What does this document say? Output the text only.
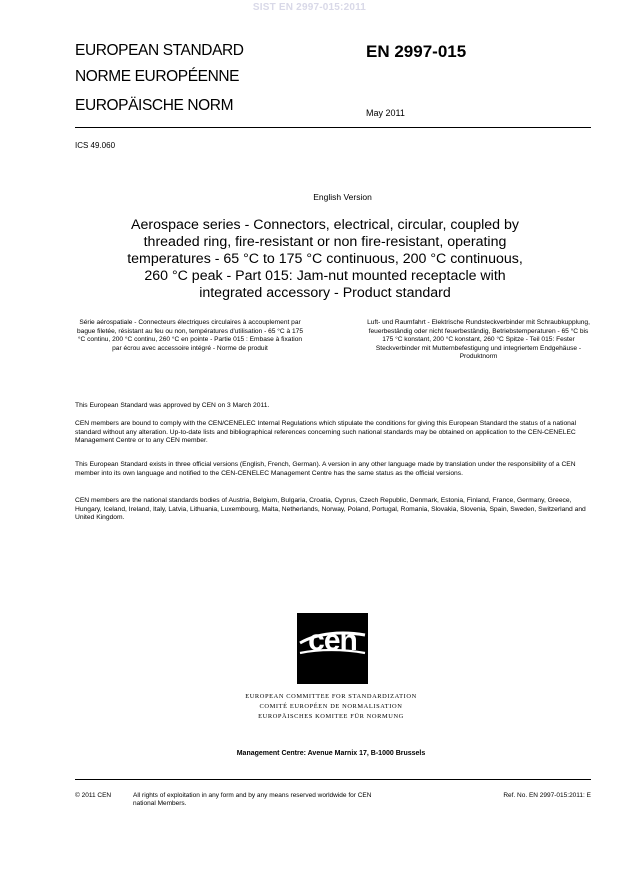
SIST EN 2997-015:2011
EUROPEAN STANDARD
NORME EUROPÉENNE
EUROPÄISCHE NORM
EN 2997-015
May 2011
ICS 49.060
English Version
Aerospace series - Connectors, electrical, circular, coupled by threaded ring, fire-resistant or non fire-resistant, operating temperatures - 65 °C to 175 °C continuous, 200 °C continuous, 260 °C peak - Part 015: Jam-nut mounted receptacle with integrated accessory - Product standard
Série aérospatiale - Connecteurs électriques circulaires à accouplement par bague filetée, résistant au feu ou non, températures d'utilisation - 65 °C à 175 °C continu, 200 °C continu, 260 °C en pointe - Partie 015 : Embase à fixation par écrou avec accessoire intégré - Norme de produit
Luft- und Raumfahrt - Elektrische Rundsteckverbinder mit Schraubkupplung, feuerbeständig oder nicht feuerbeständig, Betriebstemperaturen - 65 °C bis 175 °C konstant, 200 °C konstant, 260 °C Spitze - Teil 015: Fester Steckverbinder mit Mutternbefestigung und integriertem Endgehäuse - Produktnorm
This European Standard was approved by CEN on 3 March 2011.
CEN members are bound to comply with the CEN/CENELEC Internal Regulations which stipulate the conditions for giving this European Standard the status of a national standard without any alteration. Up-to-date lists and bibliographical references concerning such national standards may be obtained on application to the CEN-CENELEC Management Centre or to any CEN member.
This European Standard exists in three official versions (English, French, German). A version in any other language made by translation under the responsibility of a CEN member into its own language and notified to the CEN-CENELEC Management Centre has the same status as the official versions.
CEN members are the national standards bodies of Austria, Belgium, Bulgaria, Croatia, Cyprus, Czech Republic, Denmark, Estonia, Finland, France, Germany, Greece, Hungary, Iceland, Ireland, Italy, Latvia, Lithuania, Luxembourg, Malta, Netherlands, Norway, Poland, Portugal, Romania, Slovakia, Slovenia, Spain, Sweden, Switzerland and United Kingdom.
cen
EUROPEAN COMMITTEE FOR STANDARDIZATION
COMITÉ EUROPÉEN DE NORMALISATION
EUROPÄISCHES KOMITEE FÜR NORMUNG
Management Centre: Avenue Marnix 17, B-1000 Brussels
© 2011 CEN	All rights of exploitation in any form and by any means reserved worldwide for CEN national Members.
Ref. No. EN 2997-015:2011: E
